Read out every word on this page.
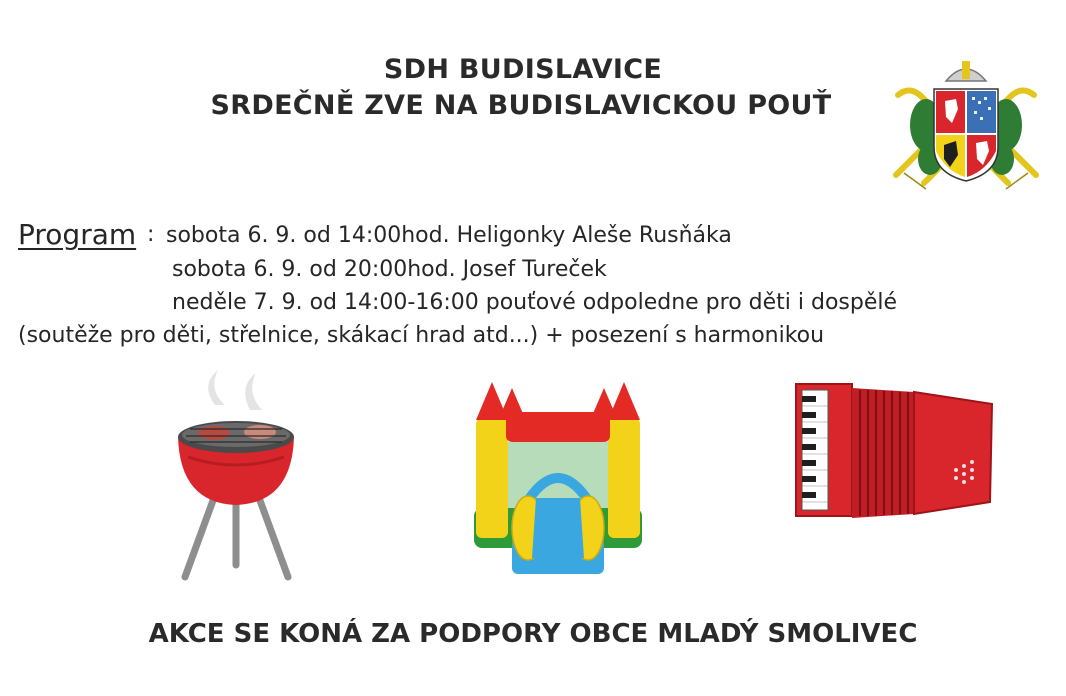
SDH BUDISLAVICE
SRDEČNĚ ZVE NA BUDISLAVICKOU POUŤ
Program : sobota 6. 9. od 14:00hod. Heligonky Aleše Rusňáka
sobota 6. 9. od 20:00hod. Josef Tureček
neděle 7. 9. od 14:00-16:00 pouťové odpoledne pro děti i dospělé
(soutěže pro děti, střelnice, skákací hrad atd...) + posezení s harmonikou
AKCE SE KONÁ ZA PODPORY OBCE MLADÝ SMOLIVEC
